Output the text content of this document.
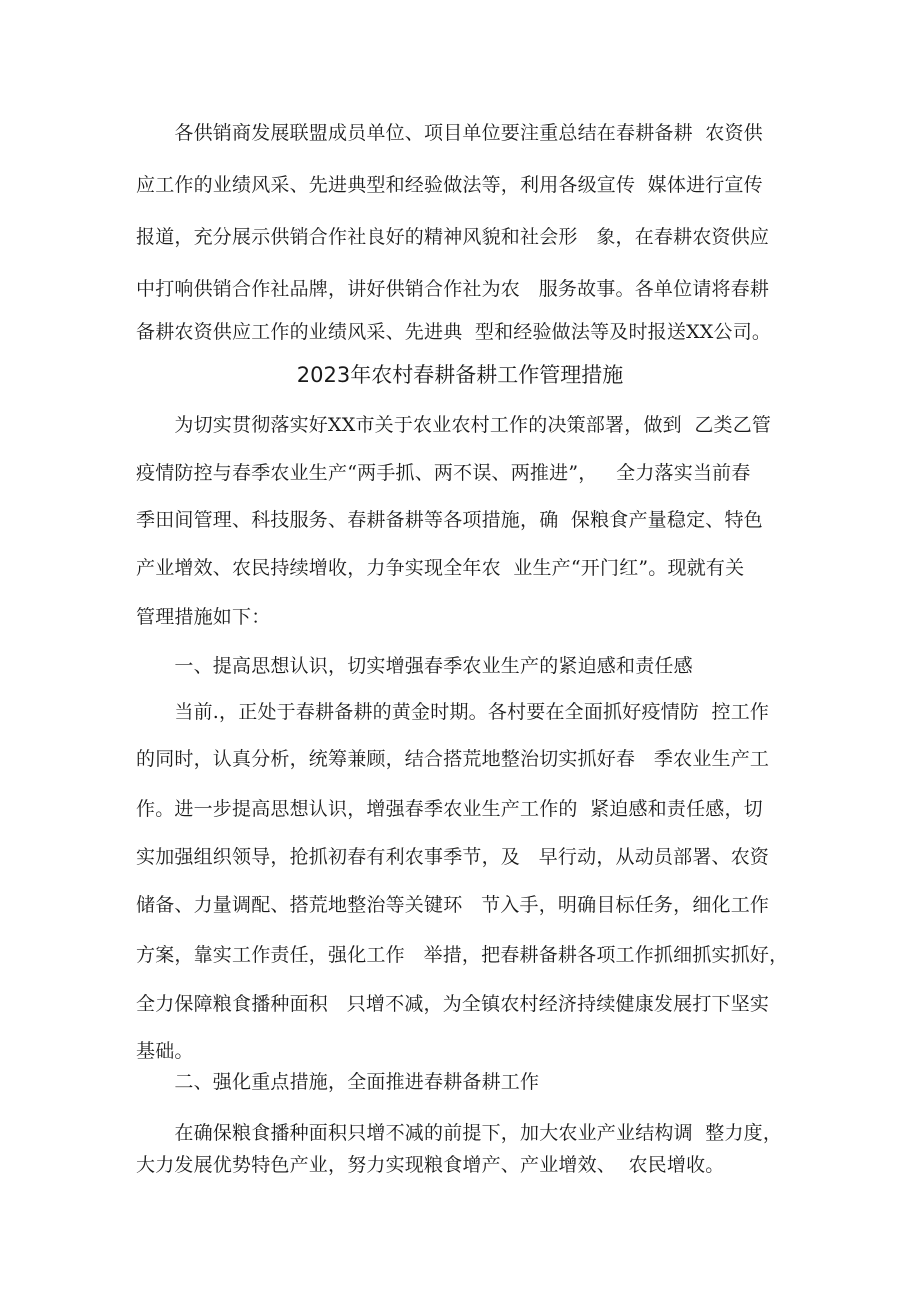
　　各供销商发展联盟成员单位、项目单位要注重总结在春耕备耕  农资供
应工作的业绩风采、先进典型和经验做法等，利用各级宣传  媒体进行宣传
报道，充分展示供销合作社良好的精神风貌和社会形   象，在春耕农资供应
中打响供销合作社品牌，讲好供销合作社为农   服务故事。各单位请将春耕
备耕农资供应工作的业绩风采、先进典  型和经验做法等及时报送XX公司。
2023年农村春耕备耕工作管理措施
　　为切实贯彻落实好XX市关于农业农村工作的决策部署，做到  乙类乙管
疫情防控与春季农业生产“两手抓、两不误、两推进”，   全力落实当前春
季田间管理、科技服务、春耕备耕等各项措施，确  保粮食产量稳定、特色
产业增效、农民持续增收，力争实现全年农  业生产“开门红”。现就有关
管理措施如下：
　　一、提高思想认识，切实增强春季农业生产的紧迫感和责任感
　　当前.，正处于春耕备耕的黄金时期。各村要在全面抓好疫情防  控工作
的同时，认真分析，统筹兼顾，结合搭荒地整治切实抓好春   季农业生产工
作。进一步提高思想认识，增强春季农业生产工作的  紧迫感和责任感，切
实加强组织领导，抢抓初春有利农事季节，及   早行动，从动员部署、农资
储备、力量调配、搭荒地整治等关键环   节入手，明确目标任务，细化工作
方案，靠实工作责任，强化工作   举措，把春耕备耕各项工作抓细抓实抓好，
全力保障粮食播种面积   只增不减，为全镇农村经济持续健康发展打下坚实
基础。
　　二、强化重点措施，全面推进春耕备耕工作
　　在确保粮食播种面积只增不减的前提下，加大农业产业结构调  整力度，
大力发展优势特色产业，努力实现粮食增产、产业增效、  农民增收。
